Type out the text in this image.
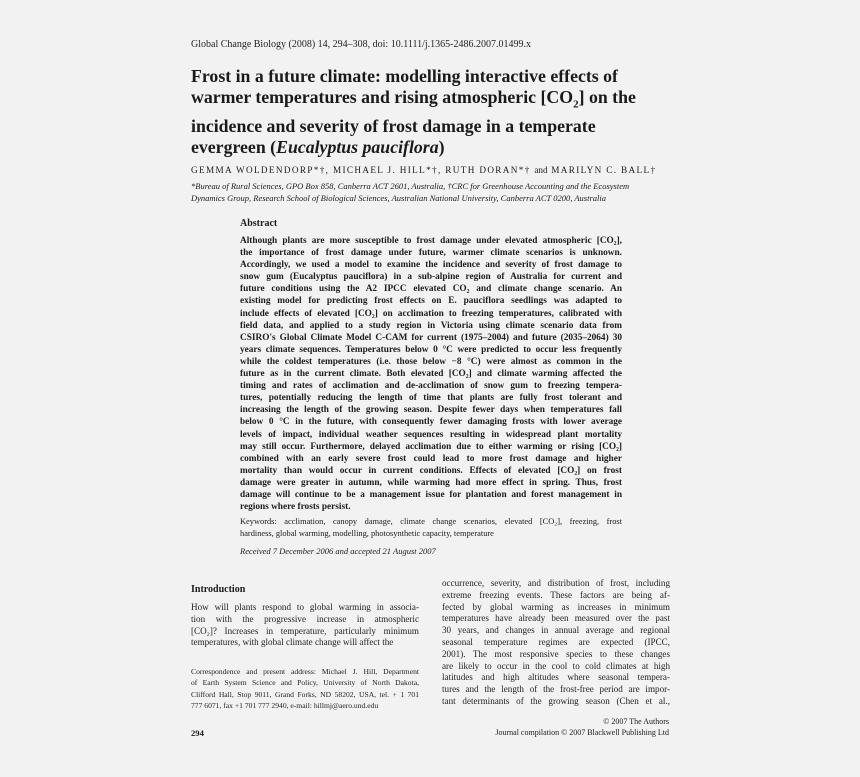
Global Change Biology (2008) 14, 294–308, doi: 10.1111/j.1365-2486.2007.01499.x
Frost in a future climate: modelling interactive effects of
warmer temperatures and rising atmospheric $[CO_2]$ on the
incidence and severity of frost damage in a temperate
evergreen (Eucalyptus pauciflora)
GEMMA WOLDENDORP*†, MICHAEL J. HILL*†, RUTH DORAN*† and MARILYN C. BALL†
*Bureau of Rural Sciences, GPO Box 858, Canberra ACT 2601, Australia, †CRC for Greenhouse Accounting and the Ecosystem
Dynamics Group, Research School of Biological Sciences, Australian National University, Canberra ACT 0200, Australia
Abstract
Although plants are more susceptible to frost damage under elevated atmospheric [CO₂],
the importance of frost damage under future, warmer climate scenarios is unknown.
Accordingly, we used a model to examine the incidence and severity of frost damage to
snow gum (Eucalyptus pauciflora) in a sub-alpine region of Australia for current and
future conditions using the A2 IPCC elevated CO₂ and climate change scenario. An
existing model for predicting frost effects on E. pauciflora seedlings was adapted to
include effects of elevated [CO₂] on acclimation to freezing temperatures, calibrated with
field data, and applied to a study region in Victoria using climate scenario data from
CSIRO's Global Climate Model C-CAM for current (1975–2004) and future (2035–2064) 30
years climate sequences. Temperatures below 0 °C were predicted to occur less frequently
while the coldest temperatures (i.e. those below −8 °C) were almost as common in the
future as in the current climate. Both elevated [CO₂] and climate warming affected the
timing and rates of acclimation and de-acclimation of snow gum to freezing tempera-
tures, potentially reducing the length of time that plants are fully frost tolerant and
increasing the length of the growing season. Despite fewer days when temperatures fall
below 0 °C in the future, with consequently fewer damaging frosts with lower average
levels of impact, individual weather sequences resulting in widespread plant mortality
may still occur. Furthermore, delayed acclimation due to either warming or rising [CO₂]
combined with an early severe frost could lead to more frost damage and higher
mortality than would occur in current conditions. Effects of elevated [CO₂] on frost
damage were greater in autumn, while warming had more effect in spring. Thus, frost
damage will continue to be a management issue for plantation and forest management in
regions where frosts persist.
Keywords: acclimation, canopy damage, climate change scenarios, elevated [CO₂], freezing, frost
hardiness, global warming, modelling, photosynthetic capacity, temperature
Received 7 December 2006 and accepted 21 August 2007
Introduction
How will plants respond to global warming in associa-
tion with the progressive increase in atmospheric
[CO₂]? Increases in temperature, particularly minimum
temperatures, with global climate change will affect the
occurrence, severity, and distribution of frost, including
extreme freezing events. These factors are being af-
fected by global warming as increases in minimum
temperatures have already been measured over the past
30 years, and changes in annual average and regional
seasonal temperature regimes are expected (IPCC,
2001). The most responsive species to these changes
are likely to occur in the cool to cold climates at high
latitudes and high altitudes where seasonal tempera-
tures and the length of the frost-free period are impor-
tant determinants of the growing season (Chen et al.,
Correspondence and present address: Michael J. Hill, Department
of Earth System Science and Policy, University of North Dakota,
Clifford Hall, Stop 9011, Grand Forks, ND 58202, USA, tel. + 1 701
777 6071, fax +1 701 777 2940, e-mail: hillmj@aero.und.edu
294
© 2007 The Authors
Journal compilation © 2007 Blackwell Publishing Ltd
